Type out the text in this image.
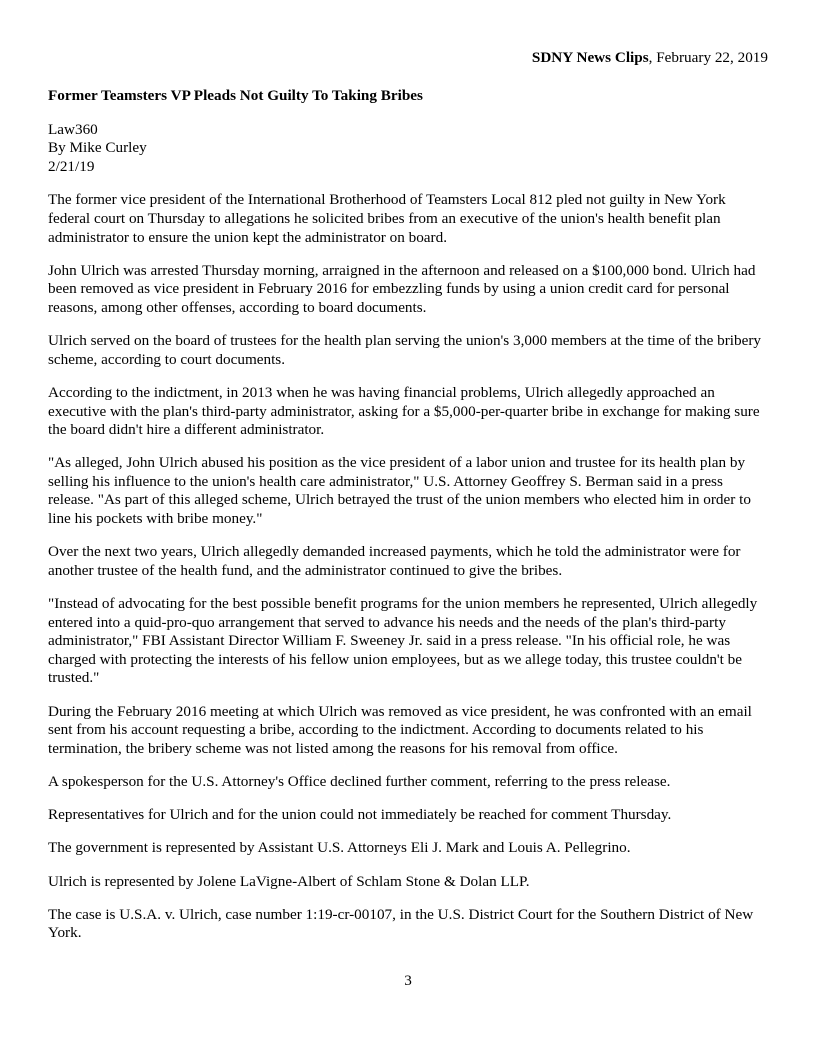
SDNY News Clips, February 22, 2019
Former Teamsters VP Pleads Not Guilty To Taking Bribes
Law360
By Mike Curley
2/21/19

The former vice president of the International Brotherhood of Teamsters Local 812 pled not guilty in New York federal court on Thursday to allegations he solicited bribes from an executive of the union's health benefit plan administrator to ensure the union kept the administrator on board.

John Ulrich was arrested Thursday morning, arraigned in the afternoon and released on a $100,000 bond. Ulrich had been removed as vice president in February 2016 for embezzling funds by using a union credit card for personal reasons, among other offenses, according to board documents.

Ulrich served on the board of trustees for the health plan serving the union's 3,000 members at the time of the bribery scheme, according to court documents.

According to the indictment, in 2013 when he was having financial problems, Ulrich allegedly approached an executive with the plan's third-party administrator, asking for a $5,000-per-quarter bribe in exchange for making sure the board didn't hire a different administrator.

"As alleged, John Ulrich abused his position as the vice president of a labor union and trustee for its health plan by selling his influence to the union's health care administrator," U.S. Attorney Geoffrey S. Berman said in a press release. "As part of this alleged scheme, Ulrich betrayed the trust of the union members who elected him in order to line his pockets with bribe money."

Over the next two years, Ulrich allegedly demanded increased payments, which he told the administrator were for another trustee of the health fund, and the administrator continued to give the bribes.

"Instead of advocating for the best possible benefit programs for the union members he represented, Ulrich allegedly entered into a quid-pro-quo arrangement that served to advance his needs and the needs of the plan's third-party administrator," FBI Assistant Director William F. Sweeney Jr. said in a press release. "In his official role, he was charged with protecting the interests of his fellow union employees, but as we allege today, this trustee couldn't be trusted."

During the February 2016 meeting at which Ulrich was removed as vice president, he was confronted with an email sent from his account requesting a bribe, according to the indictment. According to documents related to his termination, the bribery scheme was not listed among the reasons for his removal from office.

A spokesperson for the U.S. Attorney's Office declined further comment, referring to the press release.

Representatives for Ulrich and for the union could not immediately be reached for comment Thursday.

The government is represented by Assistant U.S. Attorneys Eli J. Mark and Louis A. Pellegrino.

Ulrich is represented by Jolene LaVigne-Albert of Schlam Stone & Dolan LLP.

The case is U.S.A. v. Ulrich, case number 1:19-cr-00107, in the U.S. District Court for the Southern District of New York.

3
